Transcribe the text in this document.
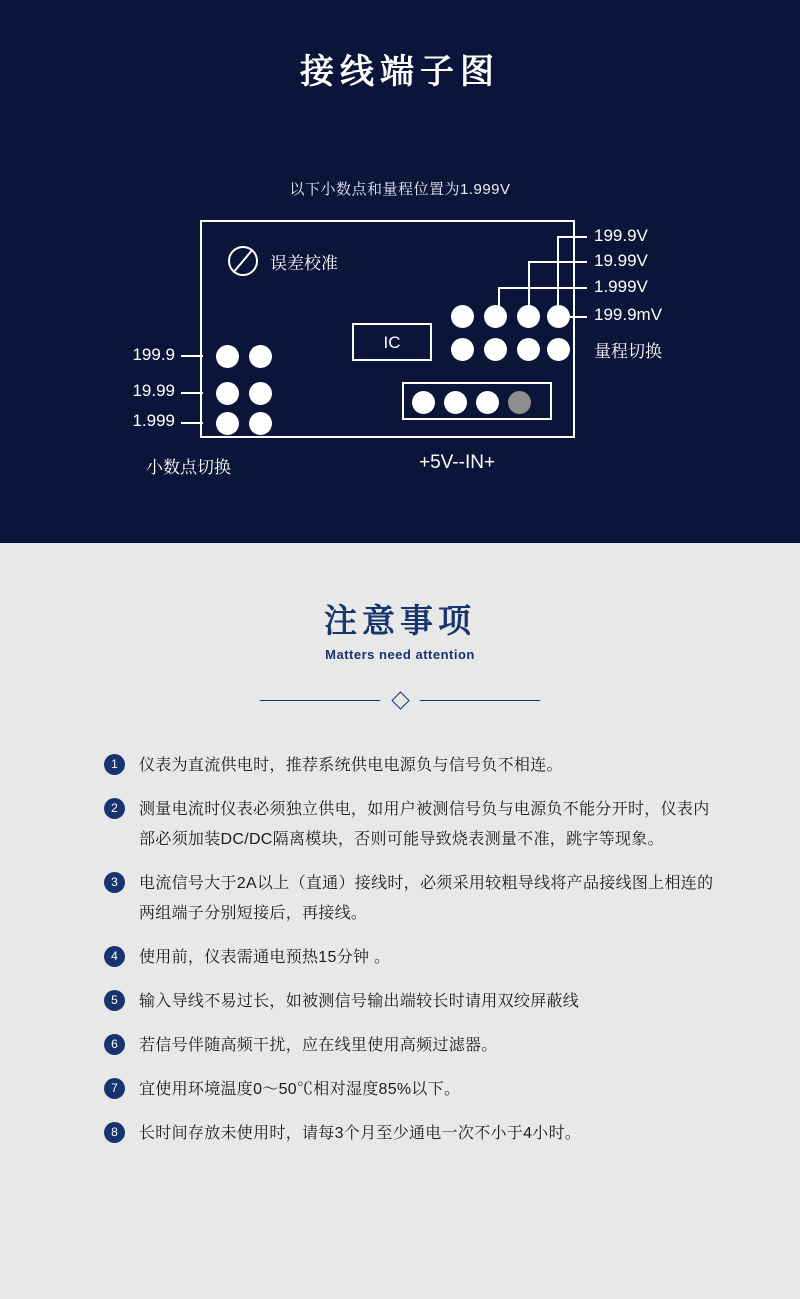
接线端子图
以下小数点和量程位置为1.999V
199.9V
19.99V
1.999V
199.9mV
量程切换
199.9
19.99
1.999
小数点切换	+5V--IN+
误差校准
IC
注意事项
Matters need attention
1	仪表为直流供电时，推荐系统供电电源负与信号负不相连。
2	测量电流时仪表必须独立供电，如用户被测信号负与电源负不能分开时，仪表内部必须加装DC/DC隔离模块，否则可能导致烧表测量不准，跳字等现象。
3	电流信号大于2A以上（直通）接线时，必须采用较粗导线将产品接线图上相连的两组端子分别短接后，再接线。
4	使用前，仪表需通电预热15分钟 。
5	输入导线不易过长，如被测信号输出端较长时请用双绞屏蔽线
6	若信号伴随高频干扰，应在线里使用高频过滤器。
7	宜使用环境温度0～50℃相对湿度85%以下。
8	长时间存放未使用时，请每3个月至少通电一次不小于4小时。
